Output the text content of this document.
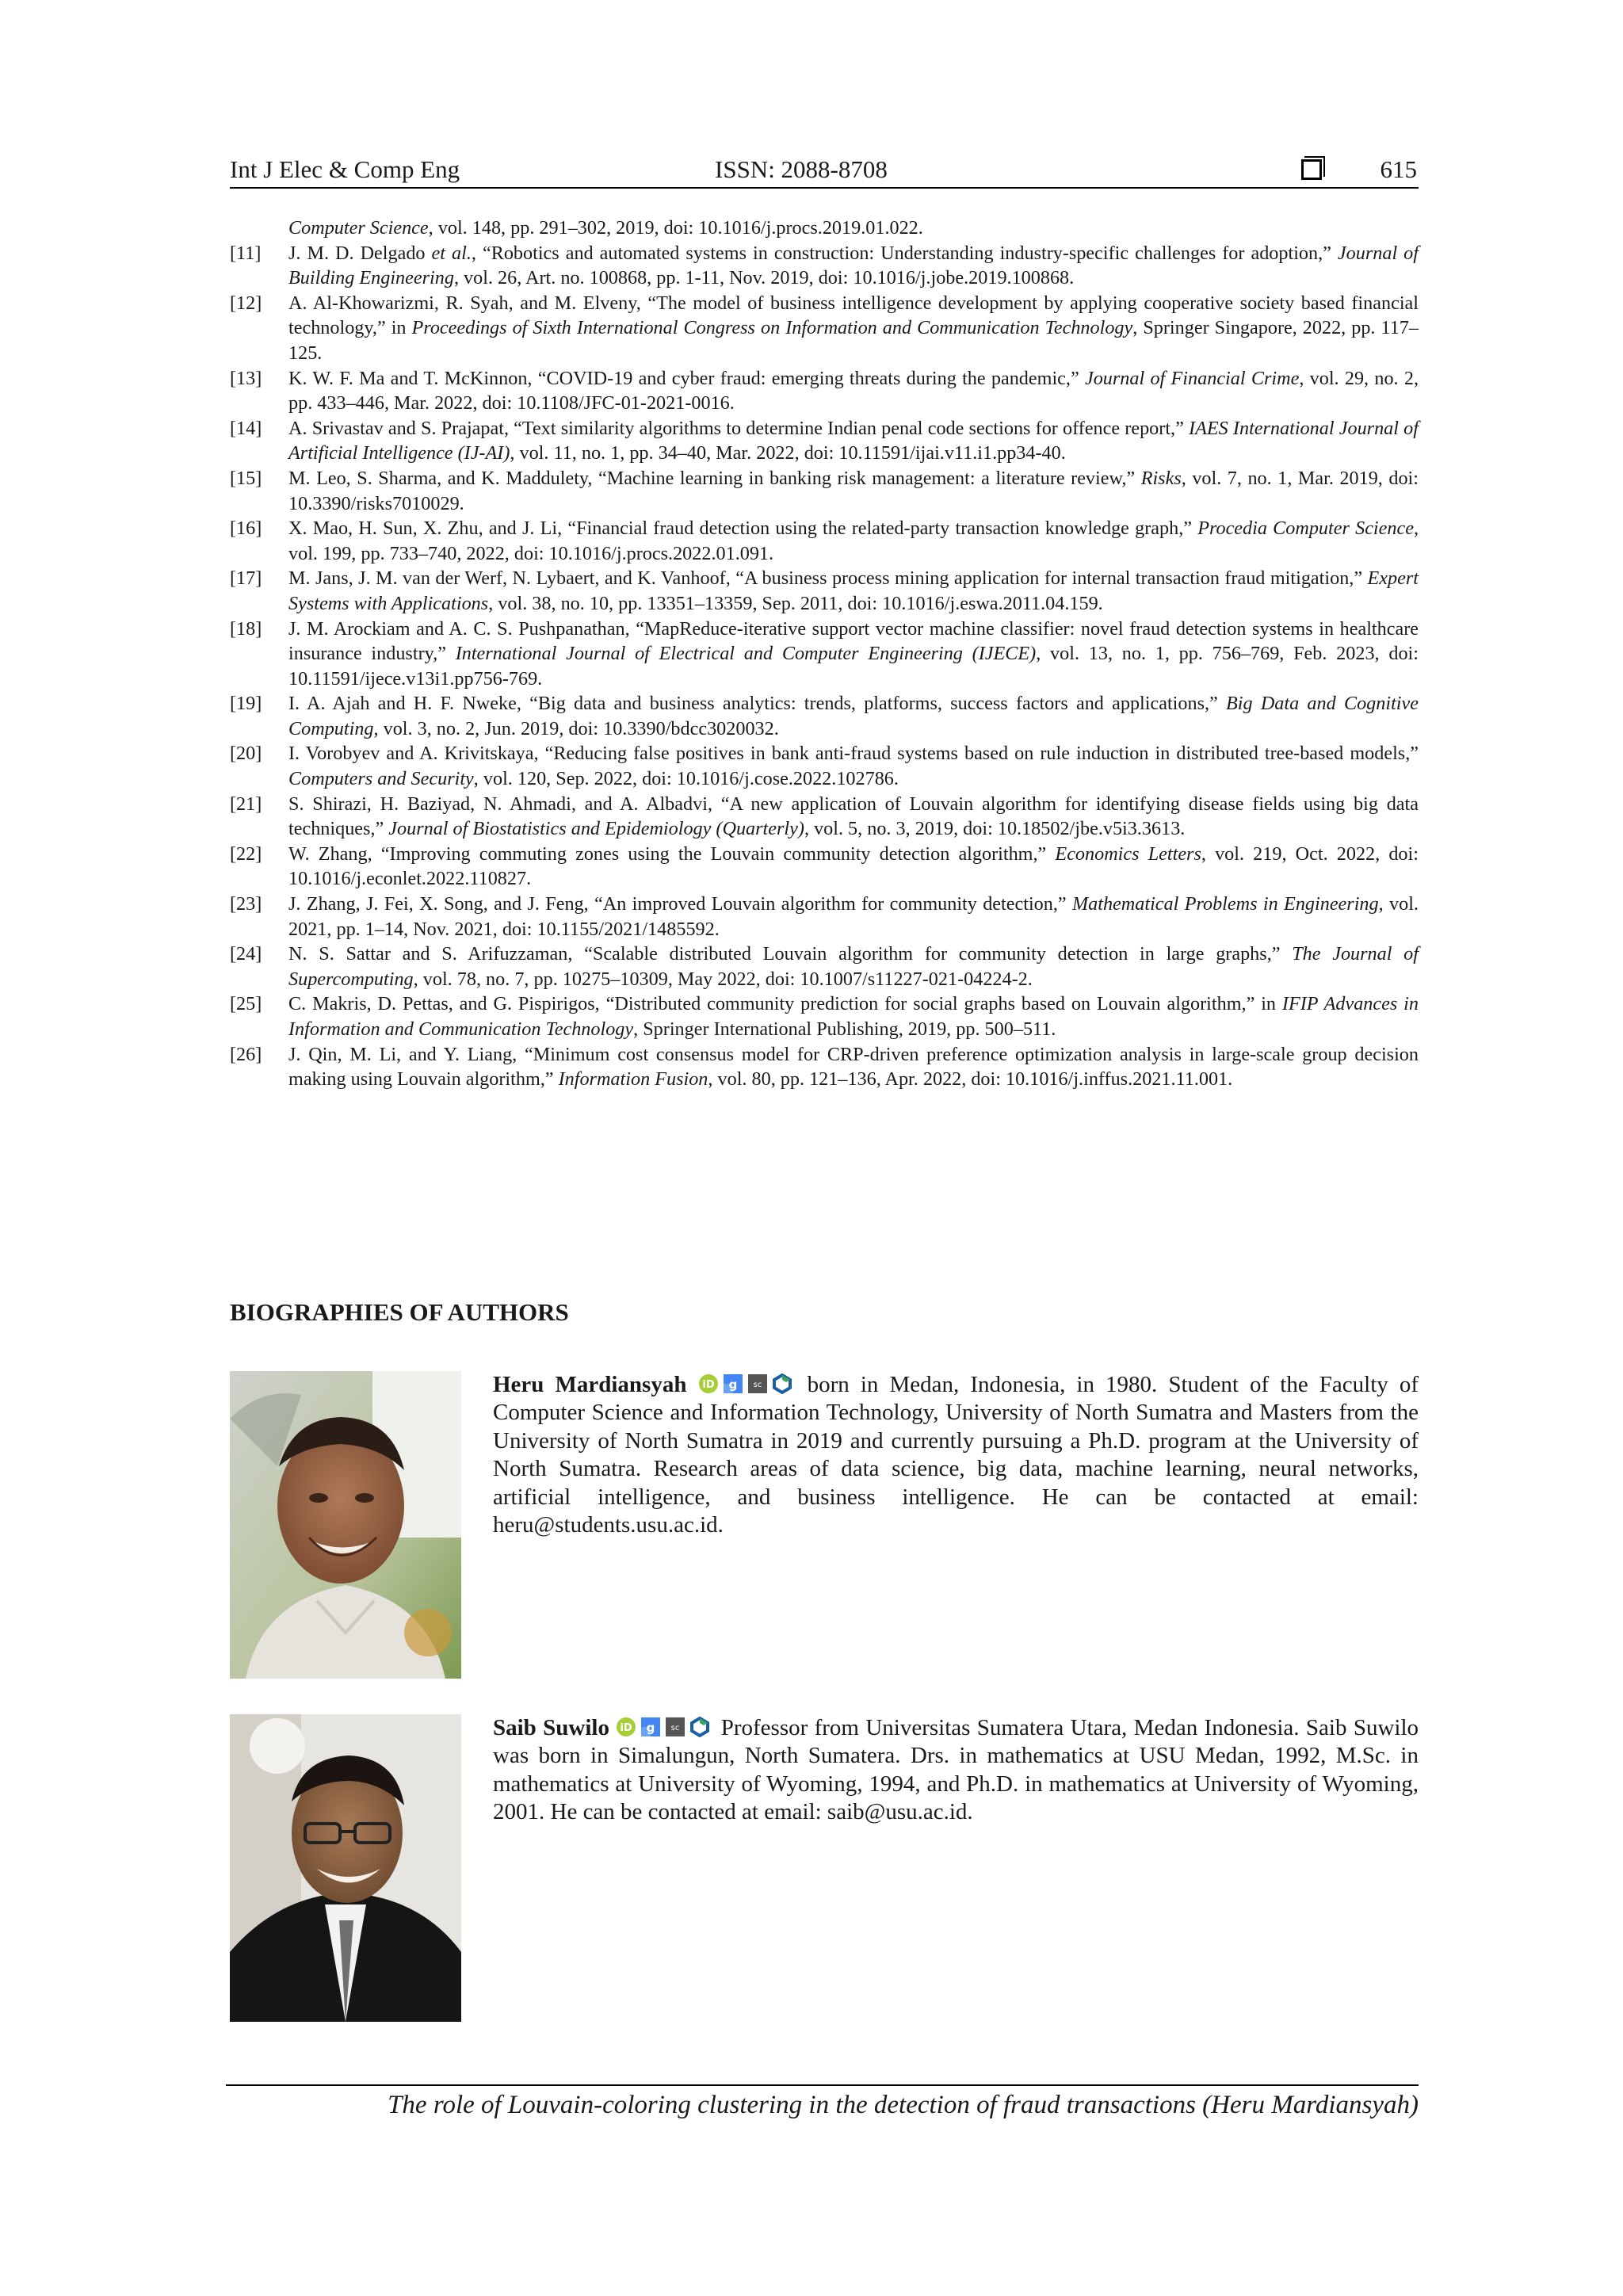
Int J Elec & Comp Eng	ISSN: 2088-8708	615
Computer Science, vol. 148, pp. 291–302, 2019, doi: 10.1016/j.procs.2019.01.022.
[11]	J. M. D. Delgado et al., “Robotics and automated systems in construction: Understanding industry-specific challenges for adoption,” Journal of Building Engineering, vol. 26, Art. no. 100868, pp. 1-11, Nov. 2019, doi: 10.1016/j.jobe.2019.100868.
[12]	A. Al-Khowarizmi, R. Syah, and M. Elveny, “The model of business intelligence development by applying cooperative society based financial technology,” in Proceedings of Sixth International Congress on Information and Communication Technology, Springer Singapore, 2022, pp. 117–125.
[13]	K. W. F. Ma and T. McKinnon, “COVID-19 and cyber fraud: emerging threats during the pandemic,” Journal of Financial Crime, vol. 29, no. 2, pp. 433–446, Mar. 2022, doi: 10.1108/JFC-01-2021-0016.
[14]	A. Srivastav and S. Prajapat, “Text similarity algorithms to determine Indian penal code sections for offence report,” IAES International Journal of Artificial Intelligence (IJ-AI), vol. 11, no. 1, pp. 34–40, Mar. 2022, doi: 10.11591/ijai.v11.i1.pp34-40.
[15]	M. Leo, S. Sharma, and K. Maddulety, “Machine learning in banking risk management: a literature review,” Risks, vol. 7, no. 1, Mar. 2019, doi: 10.3390/risks7010029.
[16]	X. Mao, H. Sun, X. Zhu, and J. Li, “Financial fraud detection using the related-party transaction knowledge graph,” Procedia Computer Science, vol. 199, pp. 733–740, 2022, doi: 10.1016/j.procs.2022.01.091.
[17]	M. Jans, J. M. van der Werf, N. Lybaert, and K. Vanhoof, “A business process mining application for internal transaction fraud mitigation,” Expert Systems with Applications, vol. 38, no. 10, pp. 13351–13359, Sep. 2011, doi: 10.1016/j.eswa.2011.04.159.
[18]	J. M. Arockiam and A. C. S. Pushpanathan, “MapReduce-iterative support vector machine classifier: novel fraud detection systems in healthcare insurance industry,” International Journal of Electrical and Computer Engineering (IJECE), vol. 13, no. 1, pp. 756–769, Feb. 2023, doi: 10.11591/ijece.v13i1.pp756-769.
[19]	I. A. Ajah and H. F. Nweke, “Big data and business analytics: trends, platforms, success factors and applications,” Big Data and Cognitive Computing, vol. 3, no. 2, Jun. 2019, doi: 10.3390/bdcc3020032.
[20]	I. Vorobyev and A. Krivitskaya, “Reducing false positives in bank anti-fraud systems based on rule induction in distributed tree-based models,” Computers and Security, vol. 120, Sep. 2022, doi: 10.1016/j.cose.2022.102786.
[21]	S. Shirazi, H. Baziyad, N. Ahmadi, and A. Albadvi, “A new application of Louvain algorithm for identifying disease fields using big data techniques,” Journal of Biostatistics and Epidemiology (Quarterly), vol. 5, no. 3, 2019, doi: 10.18502/jbe.v5i3.3613.
[22]	W. Zhang, “Improving commuting zones using the Louvain community detection algorithm,” Economics Letters, vol. 219, Oct. 2022, doi: 10.1016/j.econlet.2022.110827.
[23]	J. Zhang, J. Fei, X. Song, and J. Feng, “An improved Louvain algorithm for community detection,” Mathematical Problems in Engineering, vol. 2021, pp. 1–14, Nov. 2021, doi: 10.1155/2021/1485592.
[24]	N. S. Sattar and S. Arifuzzaman, “Scalable distributed Louvain algorithm for community detection in large graphs,” The Journal of Supercomputing, vol. 78, no. 7, pp. 10275–10309, May 2022, doi: 10.1007/s11227-021-04224-2.
[25]	C. Makris, D. Pettas, and G. Pispirigos, “Distributed community prediction for social graphs based on Louvain algorithm,” in IFIP Advances in Information and Communication Technology, Springer International Publishing, 2019, pp. 500–511.
[26]	J. Qin, M. Li, and Y. Liang, “Minimum cost consensus model for CRP-driven preference optimization analysis in large-scale group decision making using Louvain algorithm,” Information Fusion, vol. 80, pp. 121–136, Apr. 2022, doi: 10.1016/j.inffus.2021.11.001.
BIOGRAPHIES OF AUTHORS
Heru Mardiansyah iD g sc born in Medan, Indonesia, in 1980. Student of the Faculty of Computer Science and Information Technology, University of North Sumatra and Masters from the University of North Sumatra in 2019 and currently pursuing a Ph.D. program at the University of North Sumatra. Research areas of data science, big data, machine learning, neural networks, artificial intelligence, and business intelligence. He can be contacted at email: heru@students.usu.ac.id.
Saib Suwilo iD g sc Professor from Universitas Sumatera Utara, Medan Indonesia. Saib Suwilo was born in Simalungun, North Sumatera. Drs. in mathematics at USU Medan, 1992, M.Sc. in mathematics at University of Wyoming, 1994, and Ph.D. in mathematics at University of Wyoming, 2001. He can be contacted at email: saib@usu.ac.id.
The role of Louvain-coloring clustering in the detection of fraud transactions (Heru Mardiansyah)
